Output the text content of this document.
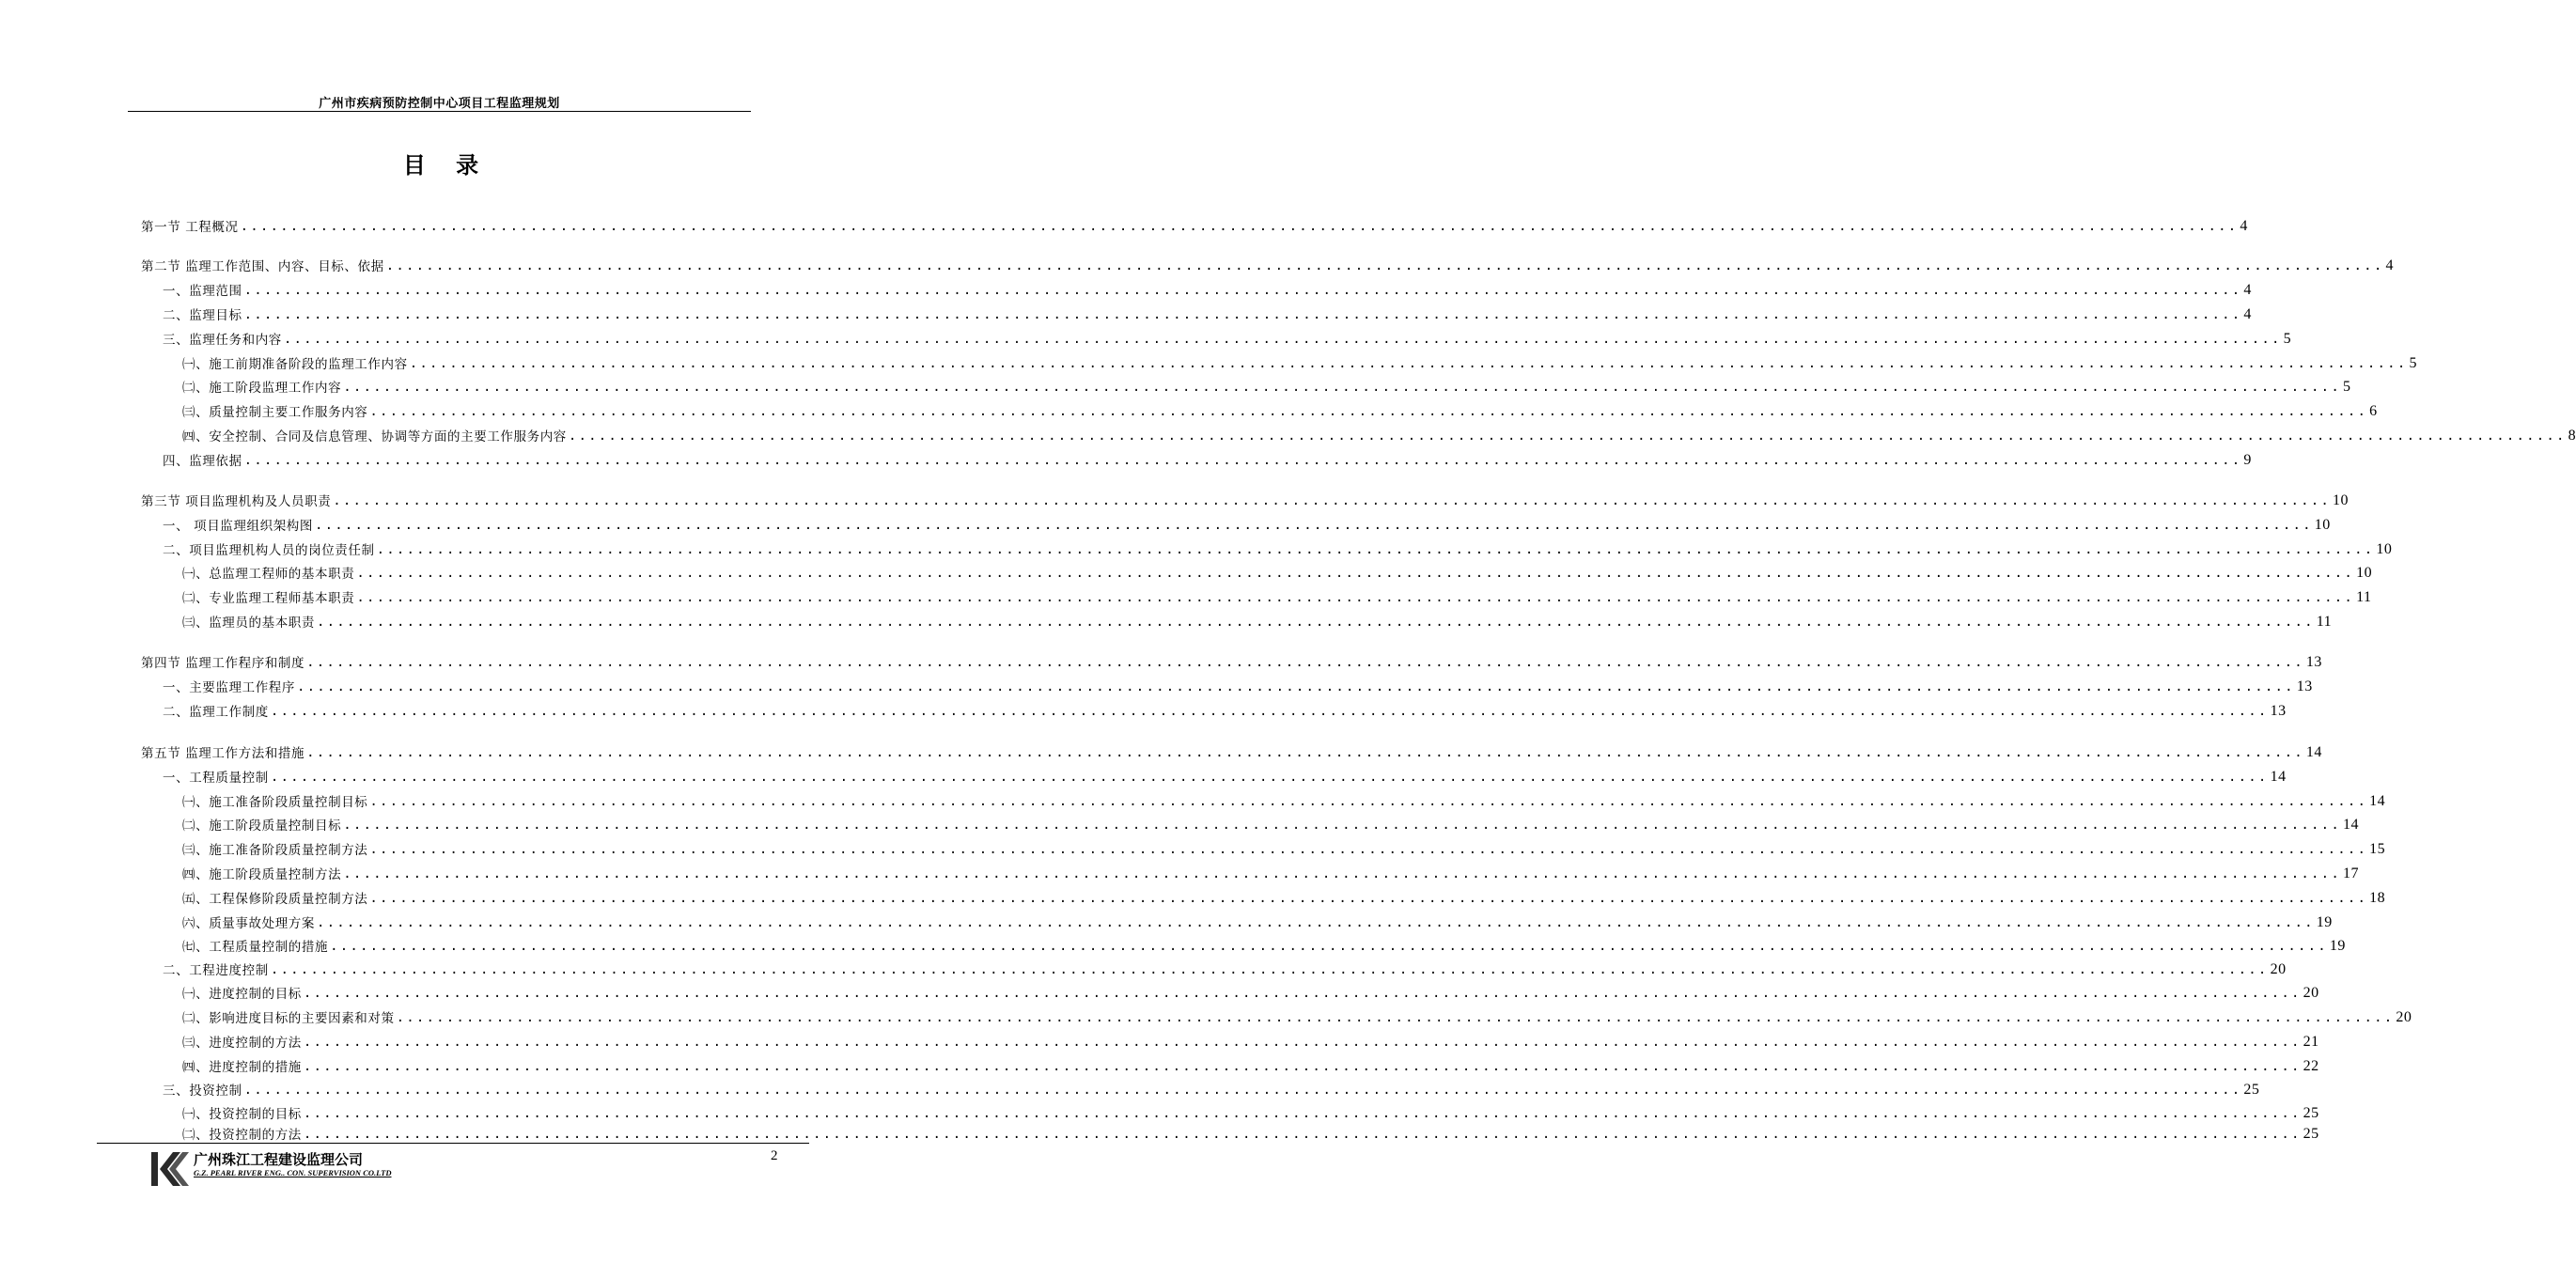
广州市疾病预防控制中心项目工程监理规划
目 录
第一节 工程概况 ........................................................................................................................................................................................................ 4
第二节 监理工作范围、内容、目标、依据 ........................................................................................................................................................................................................ 4
一、监理范围 ........................................................................................................................................................................................................ 4
二、监理目标 ........................................................................................................................................................................................................ 4
三、监理任务和内容 ........................................................................................................................................................................................................ 5
㈠、施工前期准备阶段的监理工作内容 ........................................................................................................................................................................................................ 5
㈡、施工阶段监理工作内容 ........................................................................................................................................................................................................ 5
㈢、质量控制主要工作服务内容 ........................................................................................................................................................................................................ 6
㈣、安全控制、合同及信息管理、协调等方面的主要工作服务内容 ........................................................................................................................................................................................................ 8
四、监理依据 ........................................................................................................................................................................................................ 9
第三节 项目监理机构及人员职责 ........................................................................................................................................................................................................ 10
一、 项目监理组织架构图 ........................................................................................................................................................................................................ 10
二、项目监理机构人员的岗位责任制 ........................................................................................................................................................................................................ 10
㈠、总监理工程师的基本职责 ........................................................................................................................................................................................................ 10
㈡、专业监理工程师基本职责 ........................................................................................................................................................................................................ 11
㈢、监理员的基本职责 ........................................................................................................................................................................................................ 11
第四节 监理工作程序和制度 ........................................................................................................................................................................................................ 13
一、主要监理工作程序 ........................................................................................................................................................................................................ 13
二、监理工作制度 ........................................................................................................................................................................................................ 13
第五节 监理工作方法和措施 ........................................................................................................................................................................................................ 14
一、工程质量控制 ........................................................................................................................................................................................................ 14
㈠、施工准备阶段质量控制目标 ........................................................................................................................................................................................................ 14
㈡、施工阶段质量控制目标 ........................................................................................................................................................................................................ 14
㈢、施工准备阶段质量控制方法 ........................................................................................................................................................................................................ 15
㈣、施工阶段质量控制方法 ........................................................................................................................................................................................................ 17
㈤、工程保修阶段质量控制方法 ........................................................................................................................................................................................................ 18
㈥、质量事故处理方案 ........................................................................................................................................................................................................ 19
㈦、工程质量控制的措施 ........................................................................................................................................................................................................ 19
二、工程进度控制 ........................................................................................................................................................................................................ 20
㈠、进度控制的目标 ........................................................................................................................................................................................................ 20
㈡、影响进度目标的主要因素和对策 ........................................................................................................................................................................................................ 20
㈢、进度控制的方法 ........................................................................................................................................................................................................ 21
㈣、进度控制的措施 ........................................................................................................................................................................................................ 22
三、投资控制 ........................................................................................................................................................................................................ 25
㈠、投资控制的目标 ........................................................................................................................................................................................................ 25
㈡、投资控制的方法 ........................................................................................................................................................................................................ 25
广州珠江工程建设监理公司
G.Z. PEARL RIVER ENG.. CON. SUPERVISION CO.LTD
2
